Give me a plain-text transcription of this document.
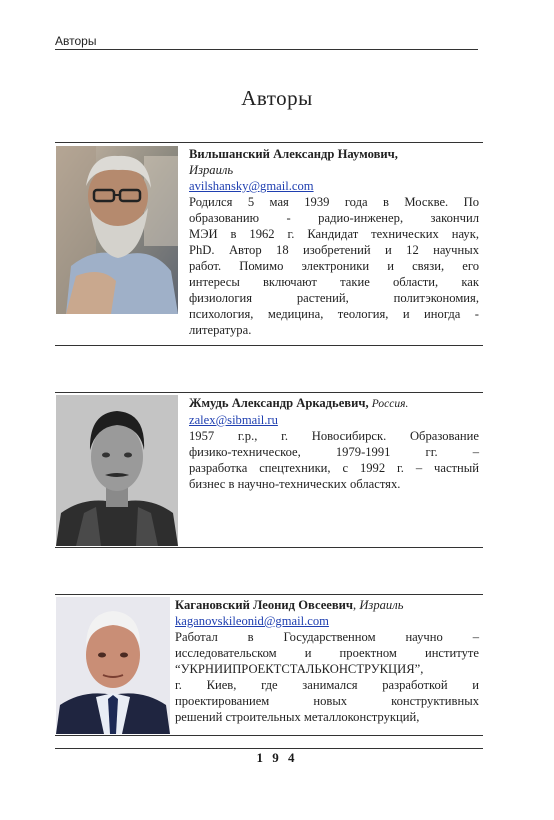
Авторы
Авторы
Вильшанский Александр Наумович,
Израиль
avilshansky@gmail.com
Родился 5 мая 1939 года в Москве. По
образованию - радио-инженер, закончил
МЭИ в 1962 г. Кандидат технических наук,
PhD. Автор 18 изобретений и 12 научных
работ. Помимо электроники и связи, его
интересы включают такие области, как
физиология растений, политэкономия,
психология, медицина, теология, и иногда -
литература.
Жмудь Александр Аркадьевич, Россия.
zalex@sibmail.ru
1957 г.р., г. Новосибирск. Образование
физико-техническое, 1979-1991 гг. –
разработка спецтехники, с 1992 г. – частный
бизнес в научно-технических областях.
Кагановский Леонид Овсеевич, Израиль
kaganovskileonid@gmail.com
Работал в Государственном научно –
исследовательском и проектном институте
“УКРНИИПРОЕКТСТАЛЬКОНСТРУКЦИЯ”,
г. Киев, где занимался разработкой и
проектированием новых конструктивных
решений строительных металлоконструкций,
1 9 4
